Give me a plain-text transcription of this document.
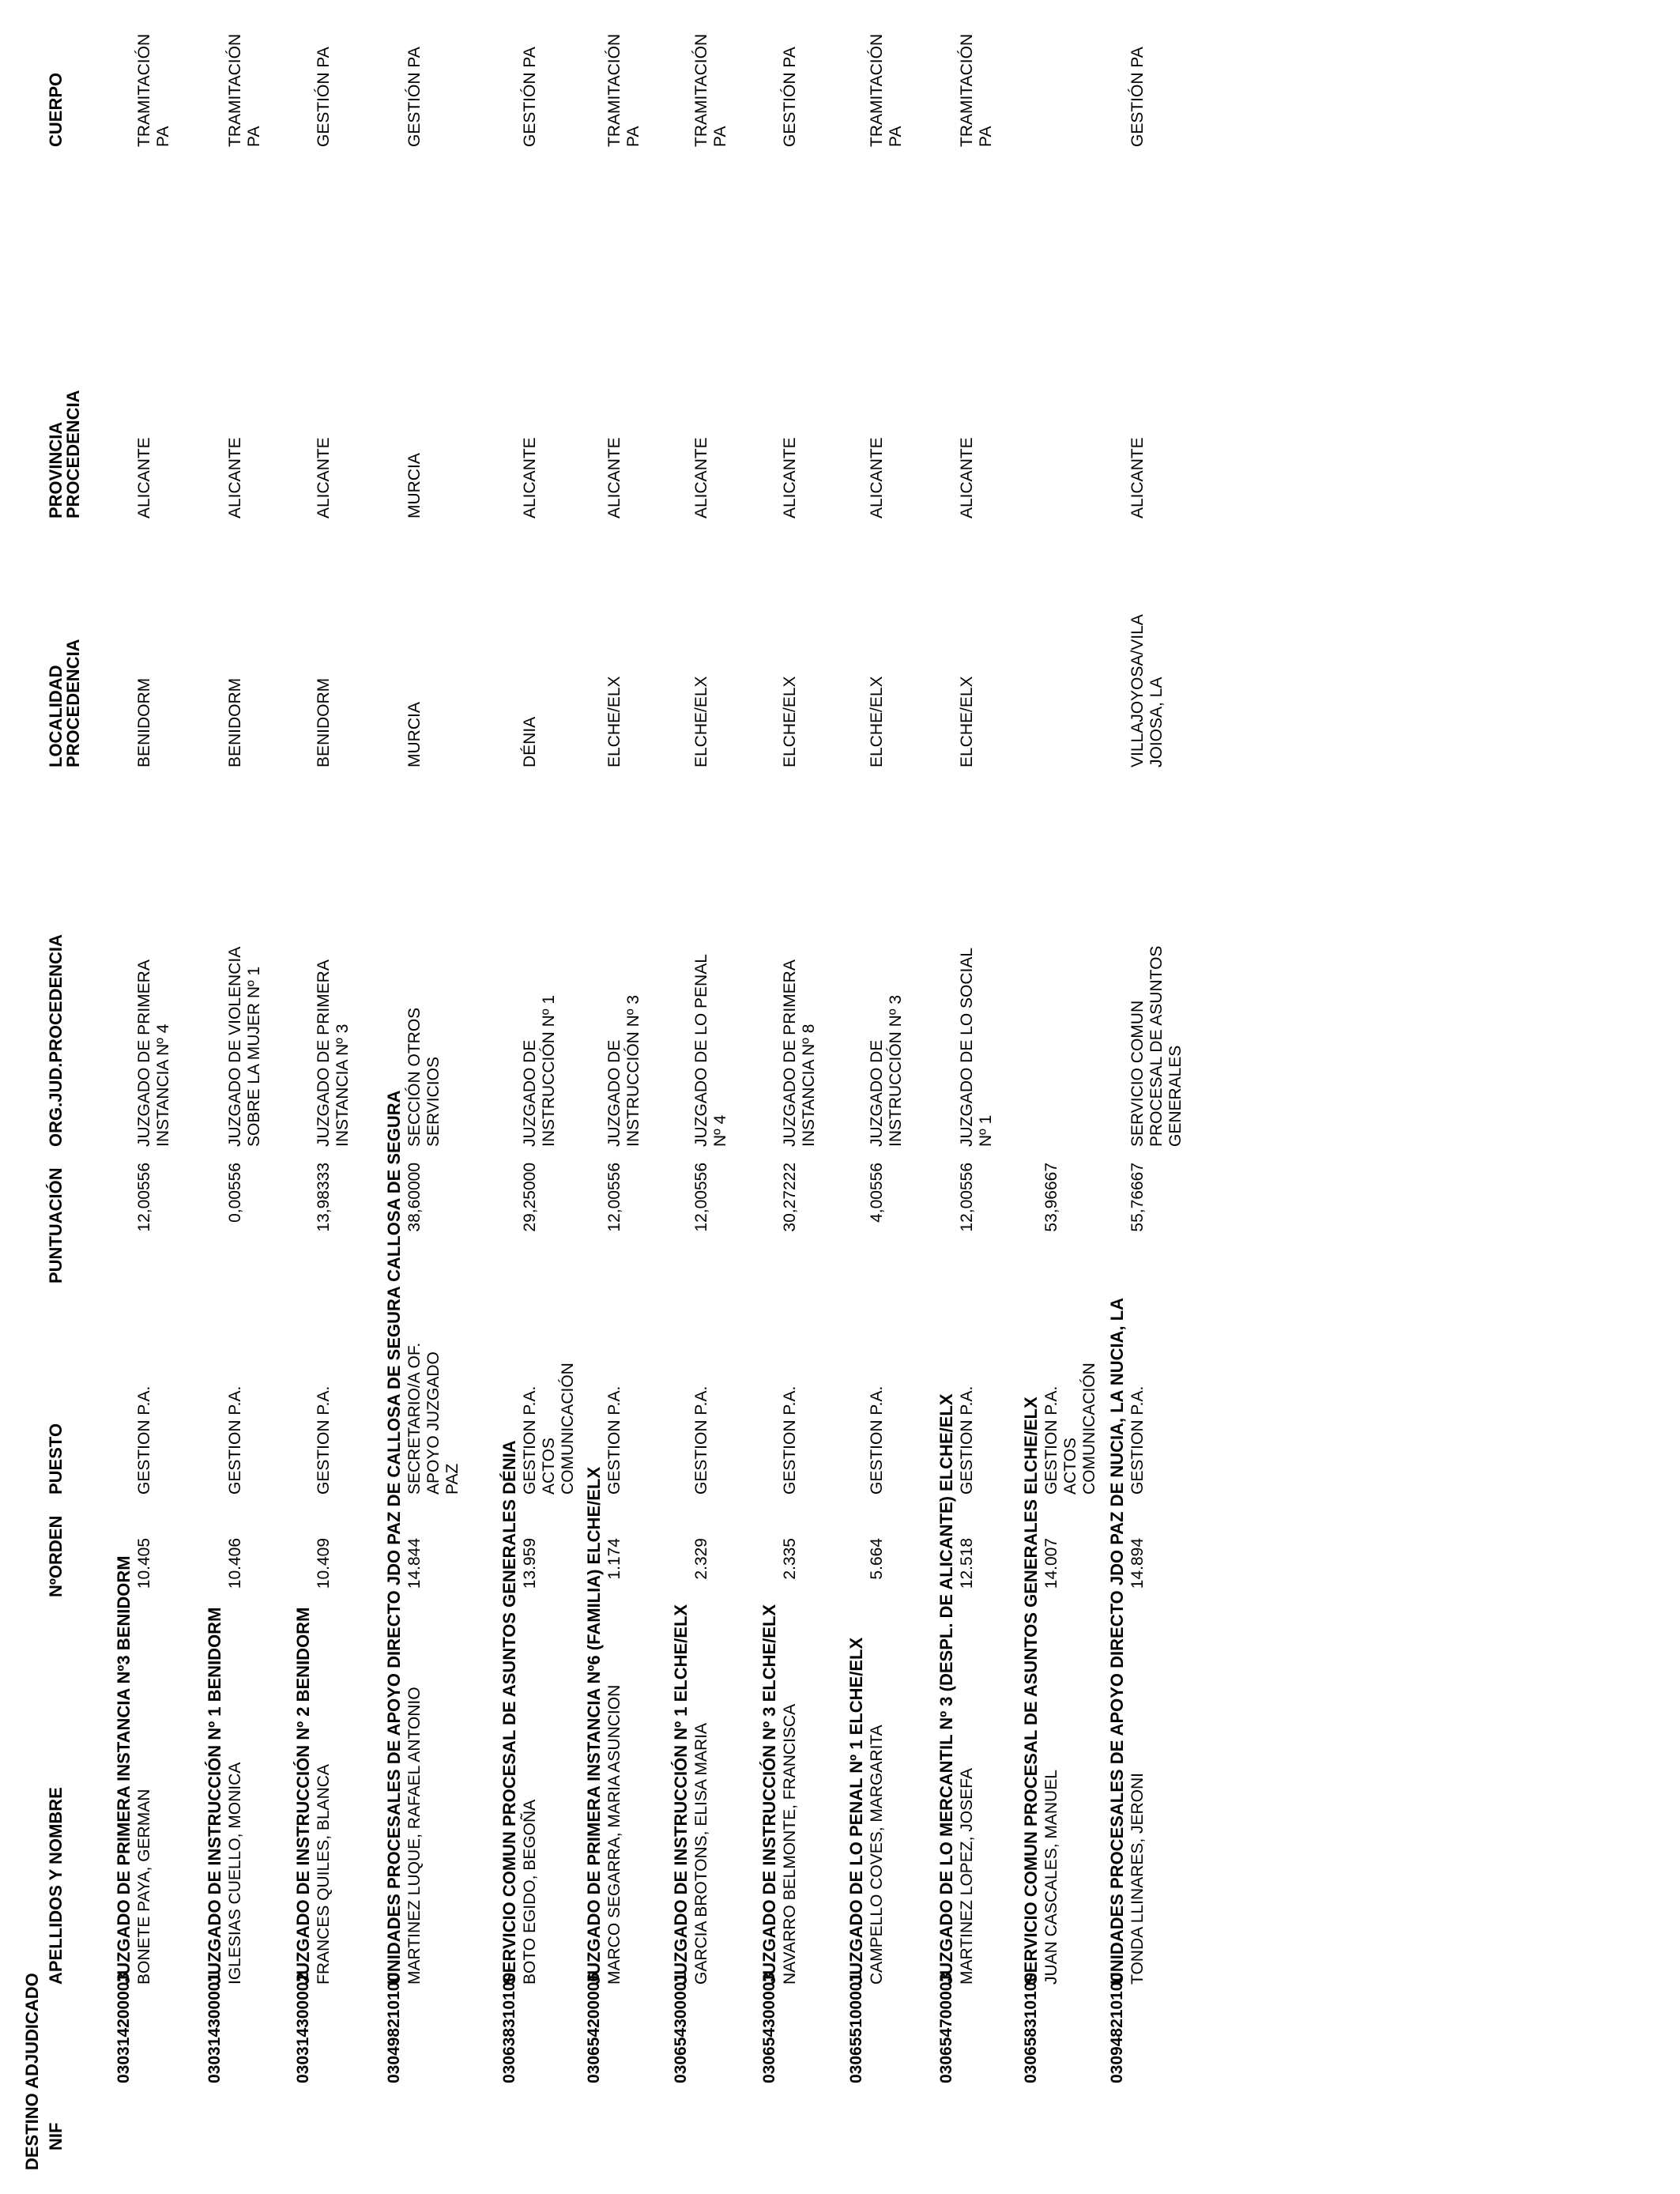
DESTINO ADJUDICADO NIF
APELLIDOS Y NOMBRE
NºORDEN
PUESTO
PUNTUACIÓN
ORG.JUD.PROCEDENCIA
LOCALIDAD
PROCEDENCIA
PROVINCIA
PROCEDENCIA
CUERPO
030314200003
JUZGADO DE PRIMERA INSTANCIA Nº3 BENIDORM BONETE PAYA, GERMAN
10.405
GESTION P.A.
12,00556
JUZGADO DE PRIMERA INSTANCIA Nº 4
BENIDORM
ALICANTE
TRAMITACIÓN PA
030314300001
JUZGADO DE INSTRUCCIÓN Nº 1 BENIDORM IGLESIAS CUELLO, MONICA
10.406
GESTION P.A.
0,00556
JUZGADO DE VIOLENCIA SOBRE LA MUJER Nº 1
BENIDORM
ALICANTE
TRAMITACIÓN PA
030314300002
JUZGADO DE INSTRUCCIÓN Nº 2 BENIDORM FRANCES QUILES, BLANCA
10.409
GESTION P.A.
13,98333
JUZGADO DE PRIMERA INSTANCIA Nº 3
BENIDORM
ALICANTE
GESTIÓN PA
030498210100
UNIDADES PROCESALES DE APOYO DIRECTO JDO PAZ DE CALLOSA DE SEGURA CALLOSA DE SEGURA MARTINEZ LUQUE, RAFAEL ANTONIO
14.844
SECRETARIO/A OF. APOYO JUZGADO PAZ
38,60000
SECCIÓN OTROS SERVICIOS
MURCIA
MURCIA
GESTIÓN PA
030638310100
SERVICIO COMUN PROCESAL DE ASUNTOS GENERALES DÉNIA BOTO EGIDO, BEGOÑA
13.959
GESTION P.A. ACTOS COMUNICACIÓN
29,25000
JUZGADO DE INSTRUCCIÓN Nº 1
DÉNIA
ALICANTE
GESTIÓN PA
030654200006
JUZGADO DE PRIMERA INSTANCIA Nº6 (FAMILIA) ELCHE/ELX MARCO SEGARRA, MARIA ASUNCION
1.174
GESTION P.A.
12,00556
JUZGADO DE INSTRUCCIÓN Nº 3
ELCHE/ELX
ALICANTE
TRAMITACIÓN PA
030654300001
JUZGADO DE INSTRUCCIÓN Nº 1 ELCHE/ELX GARCIA BROTONS, ELISA MARIA
2.329
GESTION P.A.
12,00556
JUZGADO DE LO PENAL Nº 4
ELCHE/ELX
ALICANTE
TRAMITACIÓN PA
030654300003
JUZGADO DE INSTRUCCIÓN Nº 3 ELCHE/ELX NAVARRO BELMONTE, FRANCISCA
2.335
GESTION P.A.
30,27222
JUZGADO DE PRIMERA INSTANCIA Nº 8
ELCHE/ELX
ALICANTE
GESTIÓN PA
030655100001
JUZGADO DE LO PENAL Nº 1 ELCHE/ELX CAMPELLO COVES, MARGARITA
5.664
GESTION P.A.
4,00556
JUZGADO DE INSTRUCCIÓN Nº 3
ELCHE/ELX
ALICANTE
TRAMITACIÓN PA
030654700003
JUZGADO DE LO MERCANTIL Nº 3 (DESPL. DE ALICANTE) ELCHE/ELX MARTINEZ LOPEZ, JOSEFA
12.518
GESTION P.A.
12,00556
JUZGADO DE LO SOCIAL Nº 1
ELCHE/ELX
ALICANTE
TRAMITACIÓN PA
030658310100
SERVICIO COMUN PROCESAL DE ASUNTOS GENERALES ELCHE/ELX JUAN CASCALES, MANUEL
14.007
GESTION P.A. ACTOS COMUNICACIÓN
53,96667
030948210100
UNIDADES PROCESALES DE APOYO DIRECTO JDO PAZ DE NUCIA, LA NUCIA, LA TONDA LLINARES, JERONI
14.894
GESTION P.A.
55,76667
SERVICIO COMUN PROCESAL DE ASUNTOS GENERALES
VILLAJOYOSA/VILA JOIOSA, LA
ALICANTE
GESTIÓN PA
